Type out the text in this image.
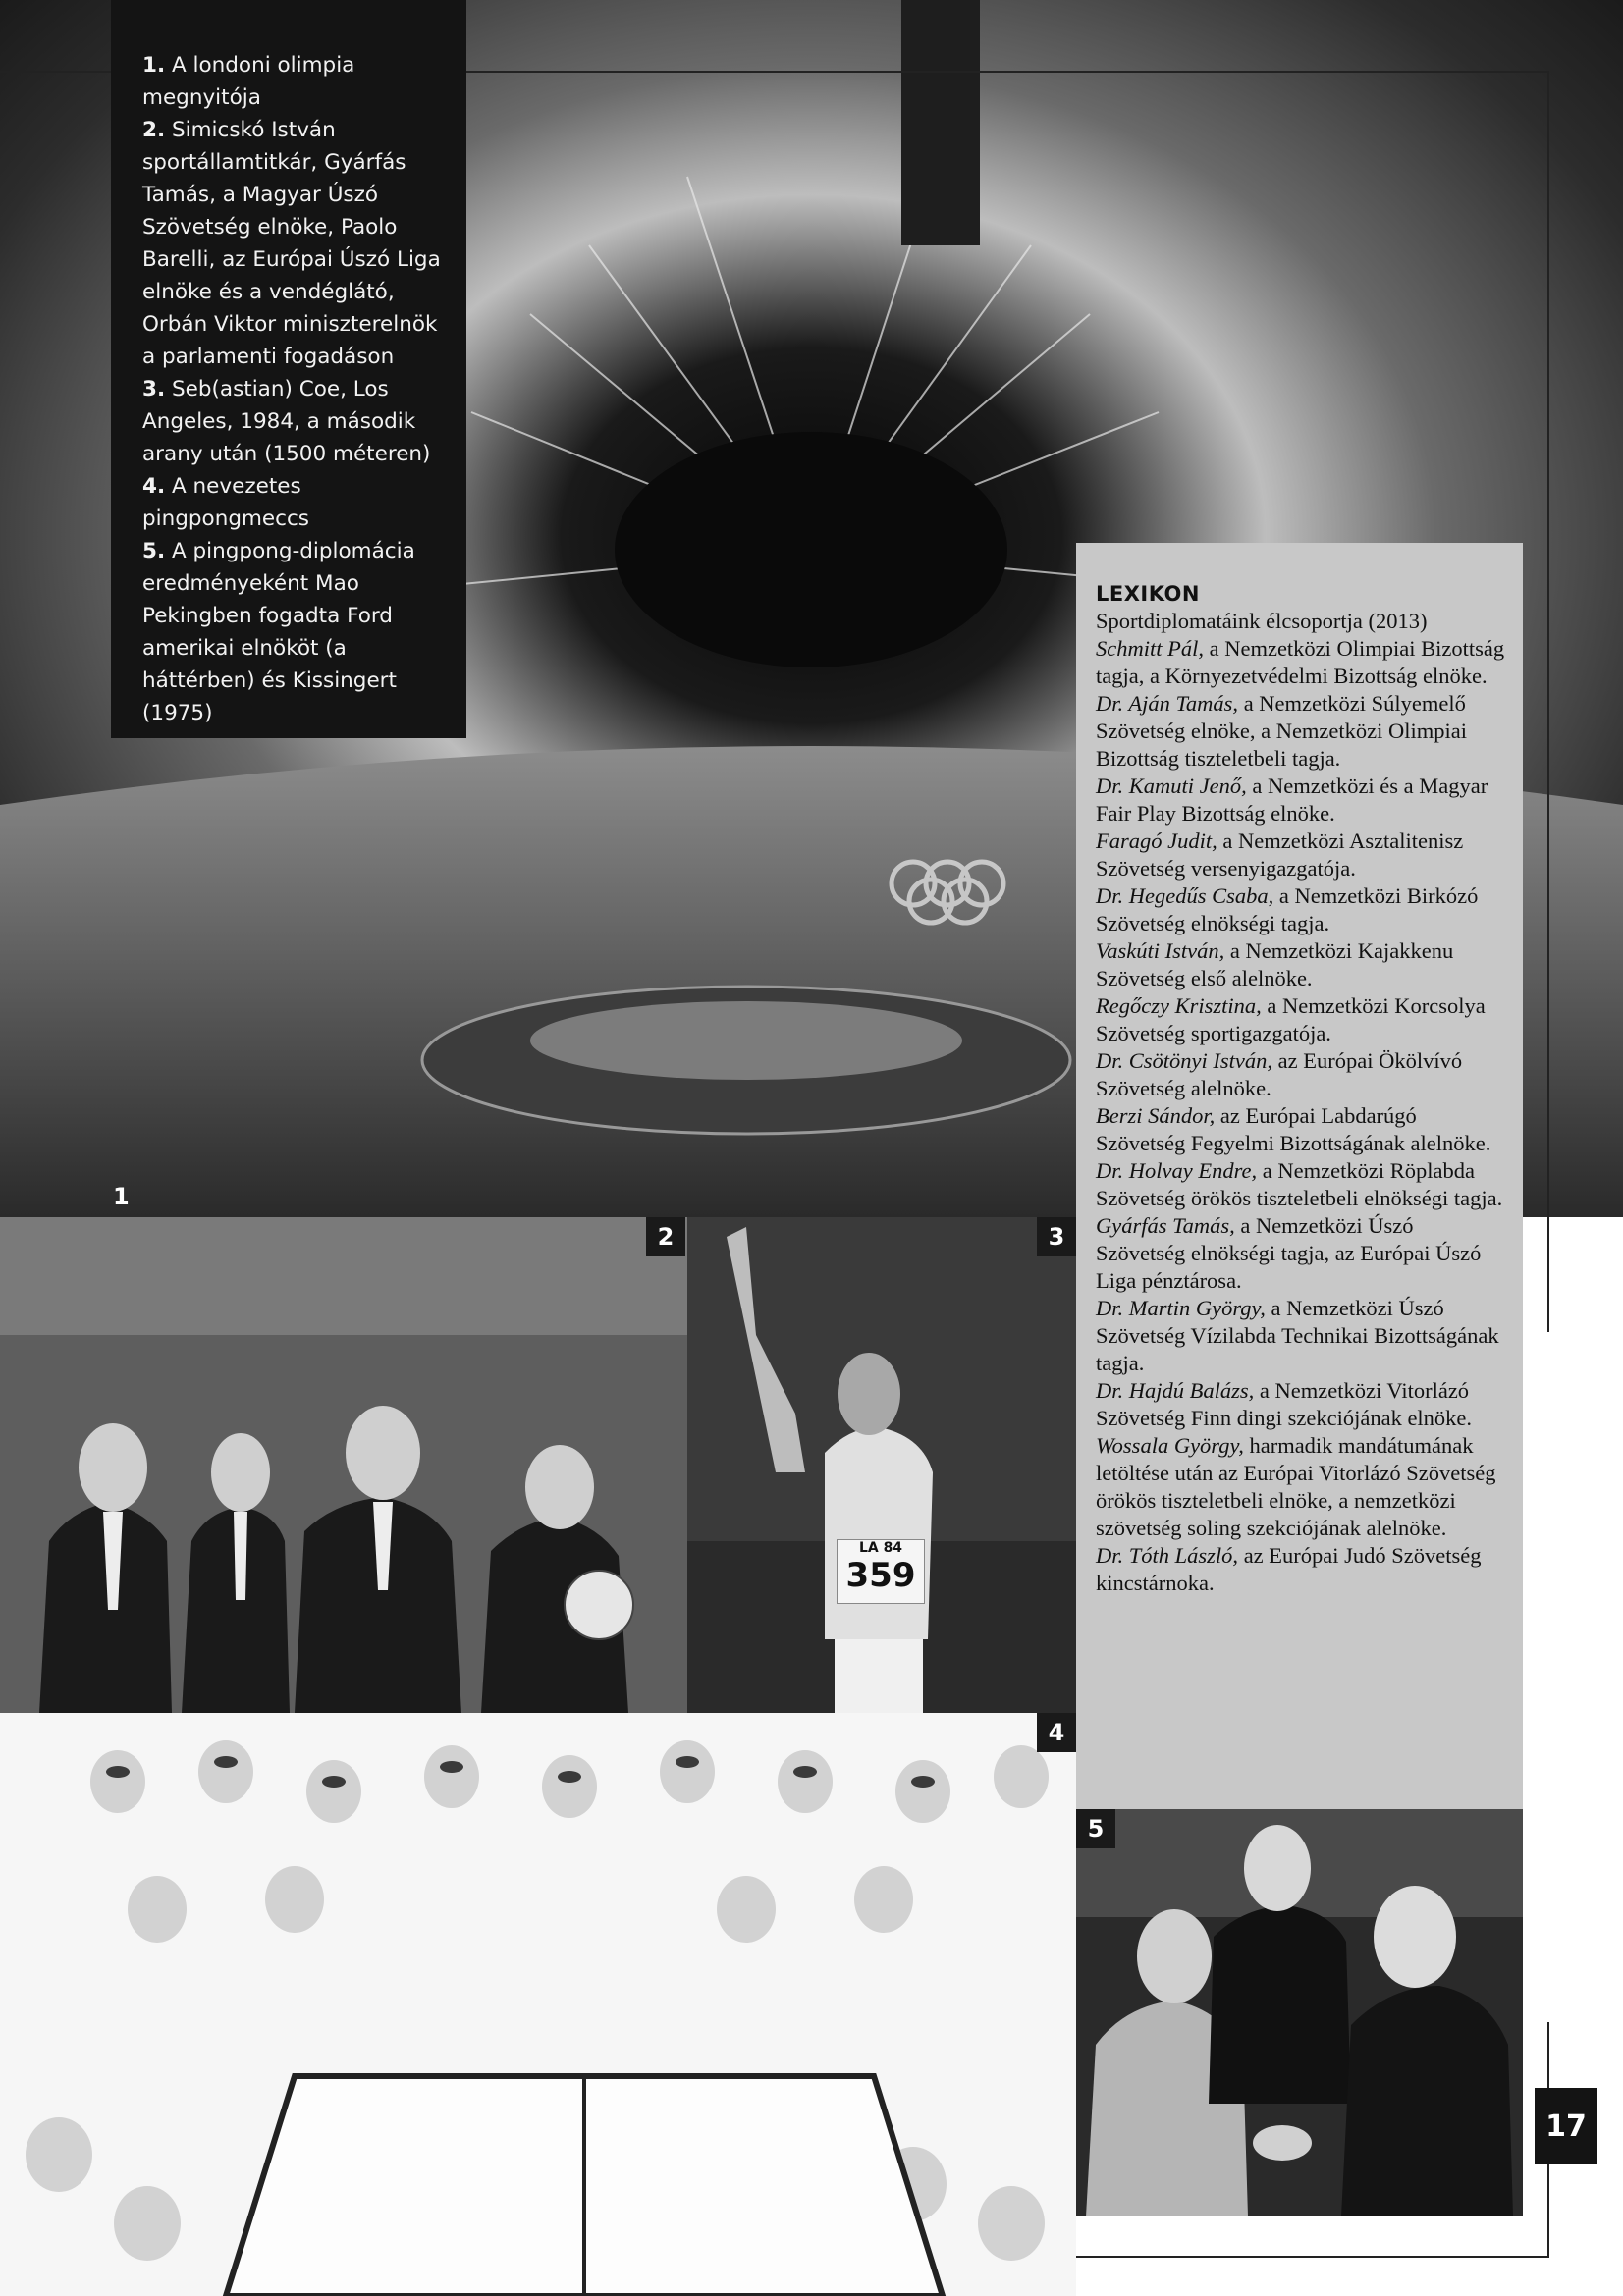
1

1. A londoni olimpia megnyitója

2. Simicskó István sportállamtitkár, Gyárfás Tamás, a Magyar Úszó Szövetség elnöke, Paolo Barelli, az Európai Úszó Liga elnöke és a vendéglátó, Orbán Viktor miniszterelnök a parlamenti fogadáson

3. Seb(astian) Coe, Los Angeles, 1984, a második arany után (1500 méteren)

4. A nevezetes pingpongmeccs

5. A pingpong-diplomácia eredményeként Mao Pekingben fogadta Ford amerikai elnököt (a háttérben) és Kissingert (1975)

2
LA 84
359
3
4
5
LEXIKON
Sportdiplomatáink élcsoportja (2013)

Schmitt Pál, a Nemzetközi Olimpiai Bizottság tagja, a Környezetvédelmi Bizottság elnöke.

Dr. Aján Tamás, a Nemzetközi Súlyemelő Szövetség elnöke, a Nemzetközi Olimpiai Bizottság tiszteletbeli tagja.

Dr. Kamuti Jenő, a Nemzetközi és a Magyar Fair Play Bizottság elnöke.

Faragó Judit, a Nemzetközi Asztalitenisz Szövetség versenyigazgatója.

Dr. Hegedűs Csaba, a Nemzetközi Birkózó Szövetség elnökségi tagja.

Vaskúti István, a Nemzetközi Kajakkenu Szövetség első alelnöke.

Regőczy Krisztina, a Nemzetközi Korcsolya Szövetség sportigazgatója.

Dr. Csötönyi István, az Európai Ökölvívó Szövetség alelnöke.

Berzi Sándor, az Európai Labdarúgó Szövetség Fegyelmi Bizottságának alelnöke.

Dr. Holvay Endre, a Nemzetközi Röplabda Szövetség örökös tiszteletbeli elnökségi tagja.

Gyárfás Tamás, a Nemzetközi Úszó Szövetség elnökségi tagja, az Európai Úszó Liga pénztárosa.

Dr. Martin György, a Nemzetközi Úszó Szövetség Vízilabda Technikai Bizottságának tagja.

Dr. Hajdú Balázs, a Nemzetközi Vitorlázó Szövetség Finn dingi szekciójának elnöke.

Wossala György, harmadik mandátumának letöltése után az Európai Vitorlázó Szövetség örökös tiszteletbeli elnöke, a nemzetközi szövetség soling szekciójának alelnöke.

Dr. Tóth László, az Európai Judó Szövetség kincstárnoka.

17
